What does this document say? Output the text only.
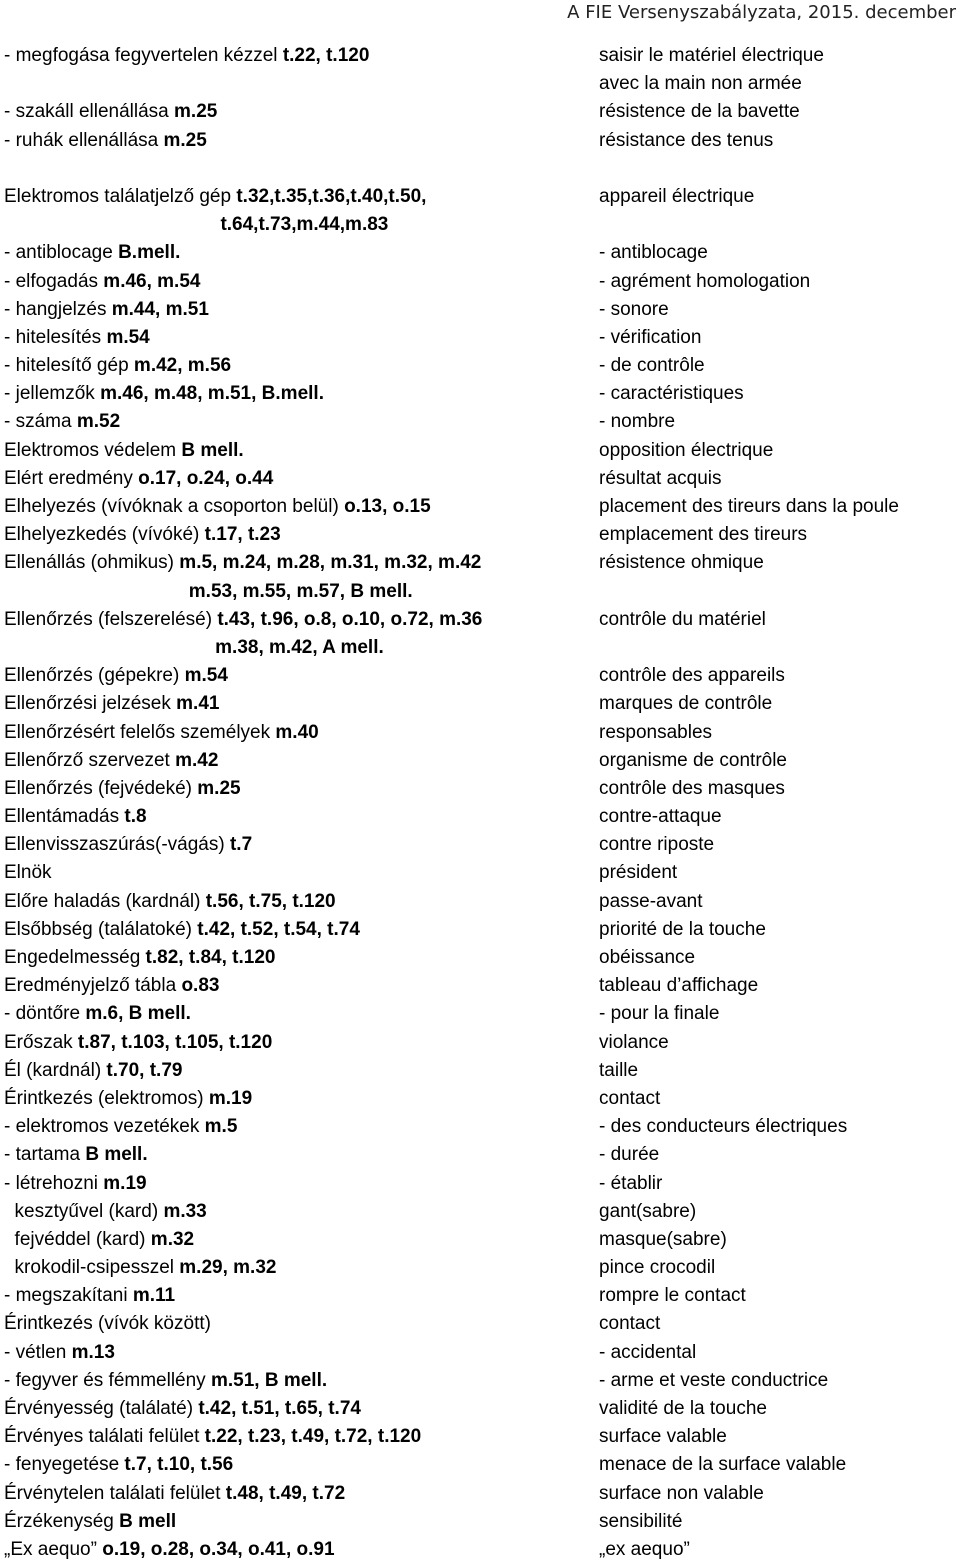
A FIE Versenyszabályzata, 2015. december
- megfogása fegyvertelen kézzel t.22, t.120	saisir le matériel électrique
avec la main non armée
- szakáll ellenállása m.25	résistence de la bavette
- ruhák ellenállása m.25	résistance des tenus
Elektromos találatjelző gép t.32,t.35,t.36,t.40,t.50,	appareil électrique
t.64,t.73,m.44,m.83
- antiblocage B.mell.	- antiblocage
- elfogadás m.46, m.54	- agrément homologation
- hangjelzés m.44, m.51	- sonore
- hitelesítés m.54	- vérification
- hitelesítő gép m.42, m.56	- de contrôle
- jellemzők m.46, m.48, m.51, B.mell.	- caractéristiques
- száma m.52	- nombre
Elektromos védelem B mell.	opposition électrique
Elért eredmény o.17, o.24, o.44	résultat acquis
Elhelyezés (vívóknak a csoporton belül) o.13, o.15	placement des tireurs dans la poule
Elhelyezkedés (vívóké) t.17, t.23	emplacement des tireurs
Ellenállás (ohmikus) m.5, m.24, m.28, m.31, m.32, m.42	résistence ohmique
m.53, m.55, m.57, B mell.
Ellenőrzés (felszerelésé) t.43, t.96, o.8, o.10, o.72, m.36	contrôle du matériel
m.38, m.42, A mell.
Ellenőrzés (gépekre) m.54	contrôle des appareils
Ellenőrzési jelzések m.41	marques de contrôle
Ellenőrzésért felelős személyek m.40	responsables
Ellenőrző szervezet m.42	organisme de contrôle
Ellenőrzés (fejvédeké) m.25	contrôle des masques
Ellentámadás t.8	contre-attaque
Ellenvisszaszúrás(-vágás) t.7	contre riposte
Elnök	président
Előre haladás (kardnál) t.56, t.75, t.120	passe-avant
Elsőbbség (találatoké) t.42, t.52, t.54, t.74	priorité de la touche
Engedelmesség t.82, t.84, t.120	obéissance
Eredményjelző tábla o.83	tableau d’affichage
- döntőre m.6, B mell.	- pour la finale
Erőszak t.87, t.103, t.105, t.120	violance
Él (kardnál) t.70, t.79	taille
Érintkezés (elektromos) m.19	contact
- elektromos vezetékek m.5	- des conducteurs électriques
- tartama B mell.	- durée
- létrehozni m.19	- établir
kesztyűvel (kard) m.33	gant(sabre)
fejvéddel (kard) m.32	masque(sabre)
krokodil-csipesszel m.29, m.32	pince crocodil
- megszakítani m.11	rompre le contact
Érintkezés (vívók között)	contact
- vétlen m.13	- accidental
- fegyver és fémmellény m.51, B mell.	- arme et veste conductrice
Érvényesség (találaté) t.42, t.51, t.65, t.74	validité de la touche
Érvényes találati felület t.22, t.23, t.49, t.72, t.120	surface valable
- fenyegetése t.7, t.10, t.56	menace de la surface valable
Érvénytelen találati felület t.48, t.49, t.72	surface non valable
Érzékenység B mell	sensibilité
„Ex aequo” o.19, o.28, o.34, o.41, o.91	„ex aequo”
